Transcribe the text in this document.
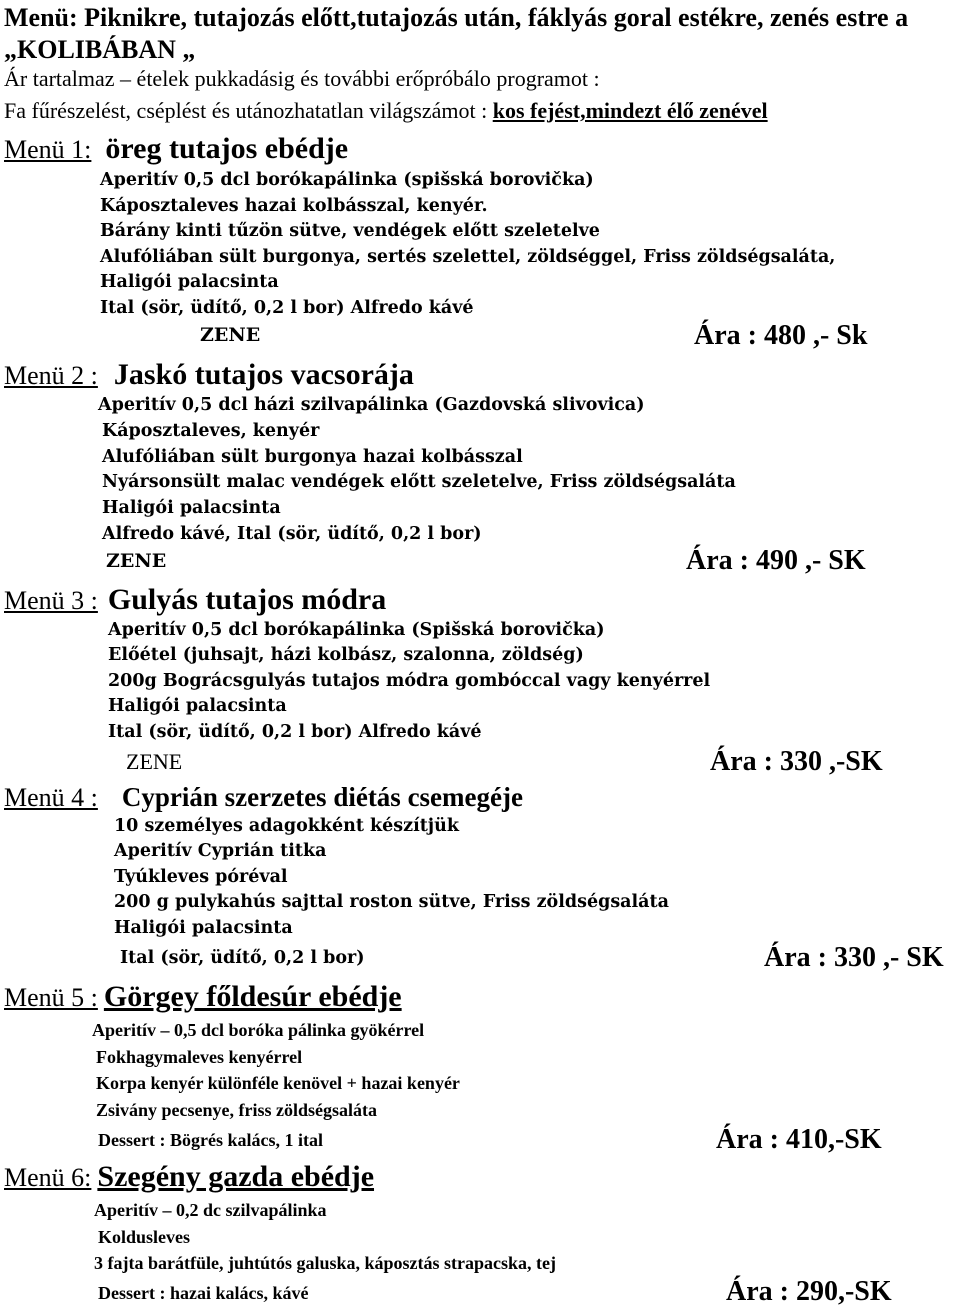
Menü: Piknikre, tutajozás előtt,tutajozás után, fáklyás goral estékre, zenés estre a „KOLIBÁBAN „

Ár tartalmaz – ételek pukkadásig és további erőpróbálo programot :

Fa fűrészelést, cséplést és utánozhatatlan világszámot : kos fejést,mindezt élő zenével

Menü 1: öreg tutajos ebédje

Aperitív 0,5 dcl borókapálinka (spišská borovička)
Káposztaleves hazai kolbásszal, kenyér.
Bárány kinti tűzön sütve, vendégek előtt szeletelve
Alufóliában sült burgonya, sertés szelettel, zöldséggel, Friss zöldségsaláta,
Haligói palacsinta
Ital (sör, üdítő, 0,2 l bor) Alfredo kávé

ZENE	Ára : 480 ,- Sk

Menü 2 : Jaskó tutajos vacsorája

Aperitív 0,5 dcl házi szilvapálinka (Gazdovská slivovica)
Káposztaleves, kenyér
Alufóliában sült burgonya hazai kolbásszal
Nyársonsült malac vendégek előtt szeletelve, Friss zöldségsaláta
Haligói palacsinta
Alfredo kávé, Ital (sör, üdítő, 0,2 l bor)

ZENE	Ára : 490 ,- SK

Menü 3 : Gulyás tutajos módra

Aperitív 0,5 dcl borókapálinka (Spišská borovička)
Előétel (juhsajt, házi kolbász, szalonna, zöldség)
200g Bográcsgulyás tutajos módra gombóccal vagy kenyérrel
Haligói palacsinta
Ital (sör, üdítő, 0,2 l bor) Alfredo kávé

ZENE	Ára : 330 ,-SK

Menü 4 : Cyprián szerzetes diétás csemegéje

10 személyes adagokként készítjük
Aperitív Cyprián titka
Tyúkleves póréval
200 g pulykahús sajttal roston sütve, Friss zöldségsaláta
Haligói palacsinta

Ital (sör, üdítő, 0,2 l bor)	Ára : 330 ,- SK

Menü 5 : Görgey főldesúr ebédje

Aperitív – 0,5 dcl boróka pálinka gyökérrel
Fokhagymaleves kenyérrel
Korpa kenyér különféle kenövel + hazai kenyér
Zsivány pecsenye, friss zöldségsaláta

Dessert : Bögrés kalács, 1 ital	Ára : 410,-SK

Menü 6: Szegény gazda ebédje

Aperitív – 0,2 dc szilvapálinka
Koldusleves
3 fajta barátfüle, juhtútós galuska, káposztás strapacska, tej

Dessert : hazai kalács, kávé	Ára : 290,-SK
